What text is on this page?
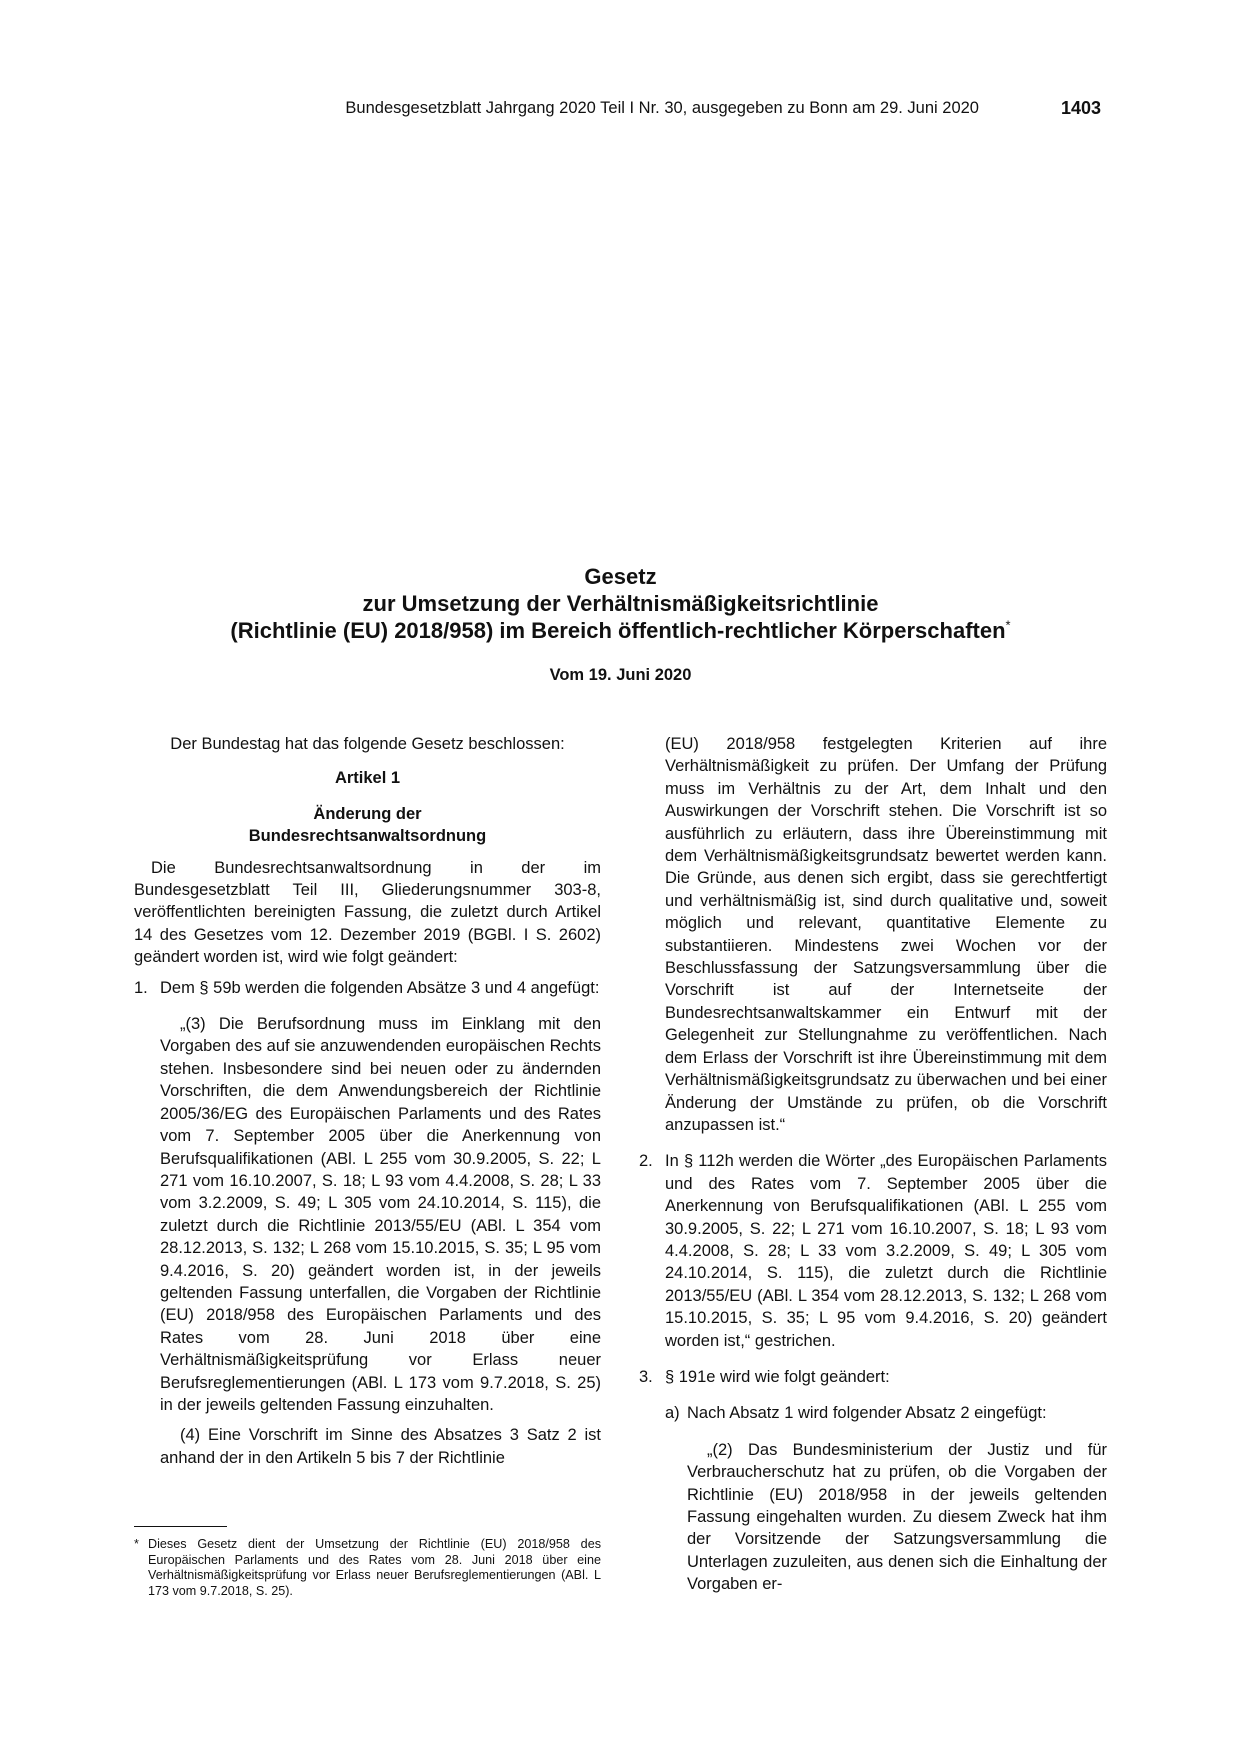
Bundesgesetzblatt Jahrgang 2020 Teil I Nr. 30, ausgegeben zu Bonn am 29. Juni 2020	1403

Gesetz

zur Umsetzung der Verhältnismäßigkeitsrichtlinie

(Richtlinie (EU) 2018/958) im Bereich öffentlich-rechtlicher Körperschaften*

Vom 19. Juni 2020

Der Bundestag hat das folgende Gesetz beschlossen:

Artikel 1

Änderung der

Bundesrechtsanwaltsordnung

Die Bundesrechtsanwaltsordnung in der im Bundesgesetzblatt Teil III, Gliederungsnummer 303-8, veröffentlichten bereinigten Fassung, die zuletzt durch Artikel 14 des Gesetzes vom 12. Dezember 2019 (BGBl. I S. 2602) geändert worden ist, wird wie folgt geändert:

1. Dem § 59b werden die folgenden Absätze 3 und 4 angefügt:

„(3) Die Berufsordnung muss im Einklang mit den Vorgaben des auf sie anzuwendenden europäischen Rechts stehen. Insbesondere sind bei neuen oder zu ändernden Vorschriften, die dem Anwendungsbereich der Richtlinie 2005/36/EG des Europäischen Parlaments und des Rates vom 7. September 2005 über die Anerkennung von Berufsqualifikationen (ABl. L 255 vom 30.9.2005, S. 22; L 271 vom 16.10.2007, S. 18; L 93 vom 4.4.2008, S. 28; L 33 vom 3.2.2009, S. 49; L 305 vom 24.10.2014, S. 115), die zuletzt durch die Richtlinie 2013/55/EU (ABl. L 354 vom 28.12.2013, S. 132; L 268 vom 15.10.2015, S. 35; L 95 vom 9.4.2016, S. 20) geändert worden ist, in der jeweils geltenden Fassung unterfallen, die Vorgaben der Richtlinie (EU) 2018/958 des Europäischen Parlaments und des Rates vom 28. Juni 2018 über eine Verhältnismäßigkeitsprüfung vor Erlass neuer Berufsreglementierungen (ABl. L 173 vom 9.7.2018, S. 25) in der jeweils geltenden Fassung einzuhalten.

(4) Eine Vorschrift im Sinne des Absatzes 3 Satz 2 ist anhand der in den Artikeln 5 bis 7 der Richtlinie

(EU) 2018/958 festgelegten Kriterien auf ihre Verhältnismäßigkeit zu prüfen. Der Umfang der Prüfung muss im Verhältnis zu der Art, dem Inhalt und den Auswirkungen der Vorschrift stehen. Die Vorschrift ist so ausführlich zu erläutern, dass ihre Übereinstimmung mit dem Verhältnismäßigkeitsgrundsatz bewertet werden kann. Die Gründe, aus denen sich ergibt, dass sie gerechtfertigt und verhältnismäßig ist, sind durch qualitative und, soweit möglich und relevant, quantitative Elemente zu substantiieren. Mindestens zwei Wochen vor der Beschlussfassung der Satzungsversammlung über die Vorschrift ist auf der Internetseite der Bundesrechtsanwaltskammer ein Entwurf mit der Gelegenheit zur Stellungnahme zu veröffentlichen. Nach dem Erlass der Vorschrift ist ihre Übereinstimmung mit dem Verhältnismäßigkeitsgrundsatz zu überwachen und bei einer Änderung der Umstände zu prüfen, ob die Vorschrift anzupassen ist.“

2. In § 112h werden die Wörter „des Europäischen Parlaments und des Rates vom 7. September 2005 über die Anerkennung von Berufsqualifikationen (ABl. L 255 vom 30.9.2005, S. 22; L 271 vom 16.10.2007, S. 18; L 93 vom 4.4.2008, S. 28; L 33 vom 3.2.2009, S. 49; L 305 vom 24.10.2014, S. 115), die zuletzt durch die Richtlinie 2013/55/EU (ABl. L 354 vom 28.12.2013, S. 132; L 268 vom 15.10.2015, S. 35; L 95 vom 9.4.2016, S. 20) geändert worden ist,“ gestrichen.
3. § 191e wird wie folgt geändert:
a) Nach Absatz 1 wird folgender Absatz 2 eingefügt:

„(2) Das Bundesministerium der Justiz und für Verbraucherschutz hat zu prüfen, ob die Vorgaben der Richtlinie (EU) 2018/958 in der jeweils geltenden Fassung eingehalten wurden. Zu diesem Zweck hat ihm der Vorsitzende der Satzungsversammlung die Unterlagen zuzuleiten, aus denen sich die Einhaltung der Vorgaben er-

* Dieses Gesetz dient der Umsetzung der Richtlinie (EU) 2018/958 des Europäischen Parlaments und des Rates vom 28. Juni 2018 über eine Verhältnismäßigkeitsprüfung vor Erlass neuer Berufsreglementierungen (ABl. L 173 vom 9.7.2018, S. 25).
